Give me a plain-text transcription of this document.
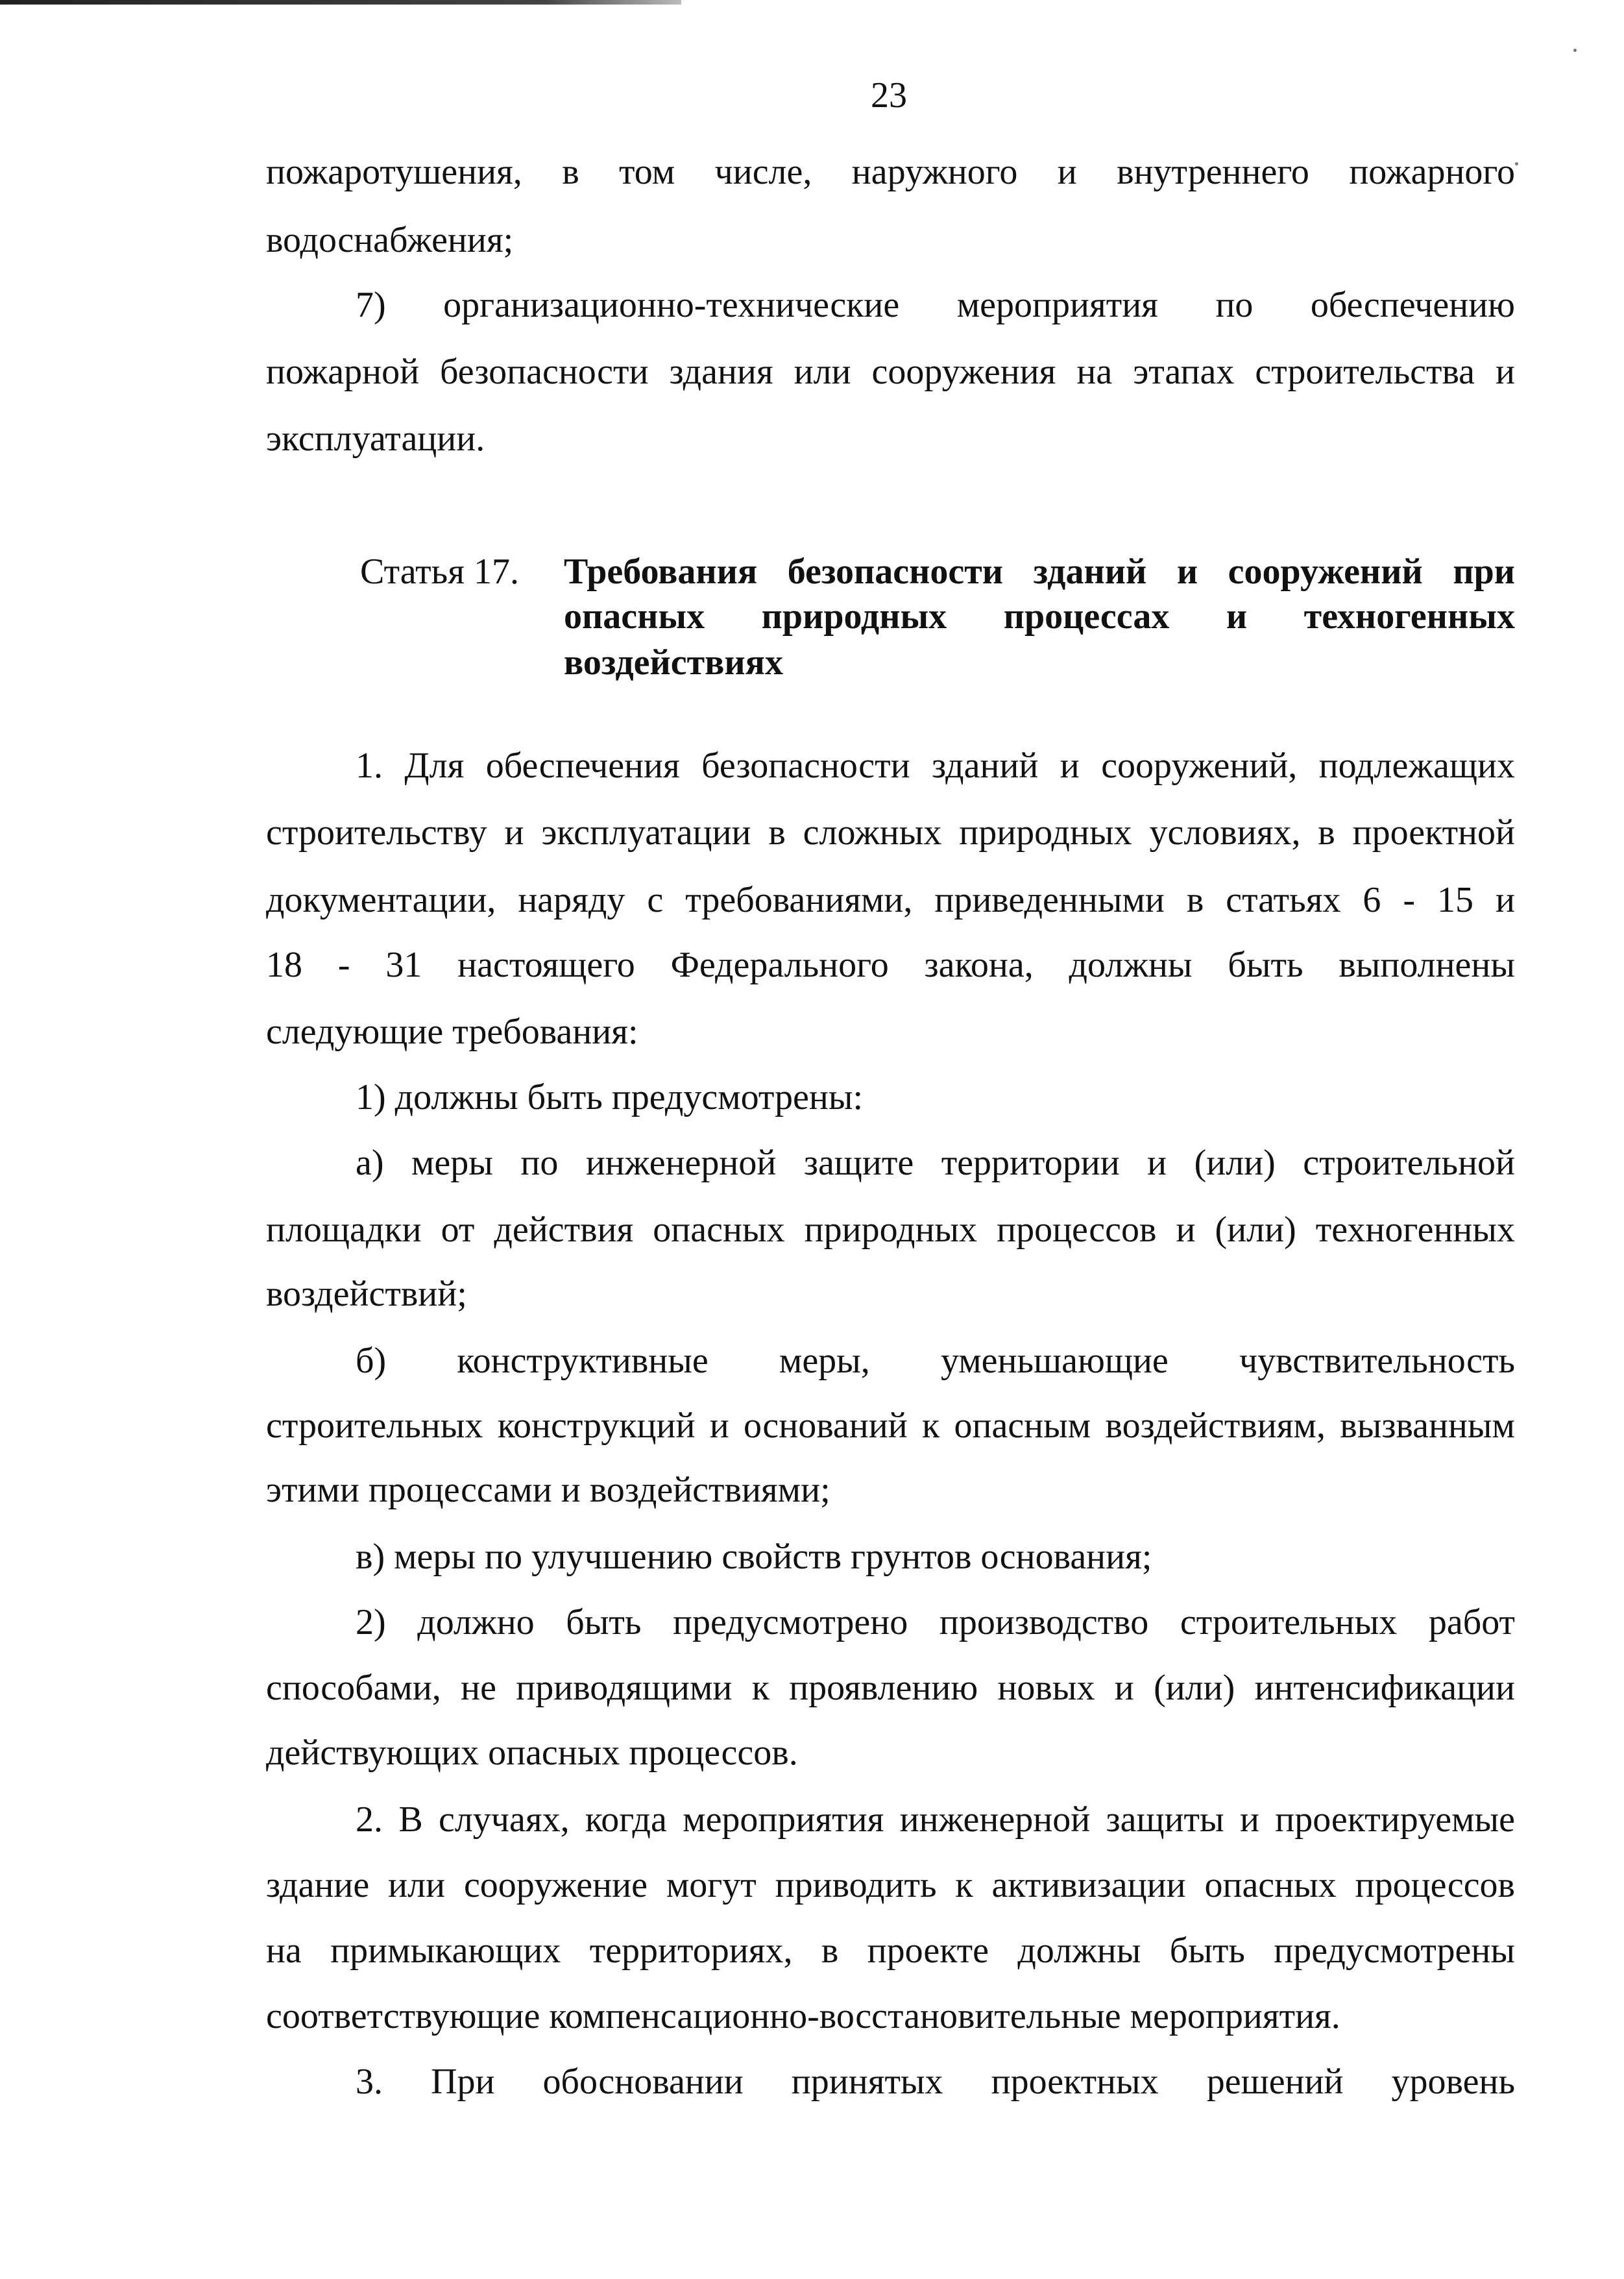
23
пожаротушения, в том числе, наружного и внутреннего пожарного
водоснабжения;
7) организационно-технические мероприятия по обеспечению
пожарной безопасности здания или сооружения на этапах строительства и
эксплуатации.
Статья 17. Требования безопасности зданий и сооружений при
опасных природных процессах и техногенных
воздействиях
1. Для обеспечения безопасности зданий и сооружений, подлежащих
строительству и эксплуатации в сложных природных условиях, в проектной
документации, наряду с требованиями, приведенными в статьях 6 - 15 и
18 - 31 настоящего Федерального закона, должны быть выполнены
следующие требования:
1) должны быть предусмотрены:
а) меры по инженерной защите территории и (или) строительной
площадки от действия опасных природных процессов и (или) техногенных
воздействий;
б) конструктивные меры, уменьшающие чувствительность
строительных конструкций и оснований к опасным воздействиям, вызванным
этими процессами и воздействиями;
в) меры по улучшению свойств грунтов основания;
2) должно быть предусмотрено производство строительных работ
способами, не приводящими к проявлению новых и (или) интенсификации
действующих опасных процессов.
2. В случаях, когда мероприятия инженерной защиты и проектируемые
здание или сооружение могут приводить к активизации опасных процессов
на примыкающих территориях, в проекте должны быть предусмотрены
соответствующие компенсационно-восстановительные мероприятия.
3. При обосновании принятых проектных решений уровень
